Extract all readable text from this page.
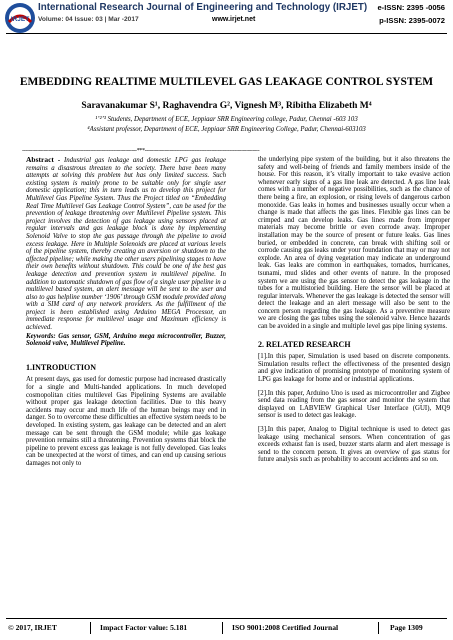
IRJET
International Research Journal of Engineering and Technology (IRJET)
Volume: 04 Issue: 03 | Mar -2017	www.irjet.net
e-ISSN: 2395 -0056
p-ISSN: 2395-0072
EMBEDDING REALTIME MULTILEVEL GAS LEAKAGE CONTROL SYSTEM
Saravanakumar S¹, Raghavendra G², Vignesh M³, Ribitha Elizabeth M⁴
¹ʼ²ʼ³ Students, Department of ECE, Jeppiaar SRR Engineering college, Padur, Chennai -603 103
⁴Assistant professor, Department of ECE, Jeppiaar SRR Engineering College, Padur, Chennai-603103
---------------------------------------------------------------------***---------------------------------------------------------------------

Abstract - Industrial gas leakage and domestic LPG gas leakage remains a disastrous threaten to the society. There have been many attempts at solving this problem but has only limited success. Such existing system is mainly prone to be suitable only for single user domestic application; this in turn leads us to develop this project for Multilevel Gas Pipeline System. Thus the Project titled on “Embedding Real Time Multilevel Gas Leakage Control System”, can be used for the prevention of leakage threatening over Multilevel Pipeline system. This project involves the detection of gas leakage using sensors placed at regular intervals and gas leakage block is done by implementing Solenoid Valve to stop the gas passage through the pipeline to avoid excess leakage. Here in Multiple Solenoids are placed at various levels of the pipeline system, thereby creating an aversion or shutdown to the affected pipeline; while making the other users pipelining stages to have their own benefits without shutdown. This could be one of the best gas leakage detection and prevention system in multilevel pipeline. In addition to automatic shutdown of gas flow of a single user pipeline in a multilevel based system, an alert message will be sent to the user and also to gas helpline number ‘1906’ through GSM module provided along with a SIM card of any network providers. As the fulfillment of the project is been established using Arduino MEGA Processor, an immediate response for multilevel usage and Maximum efficiency is achieved.

Keywords: Gas sensor, GSM, Arduino mega microcontroller, Buzzer, Solenoid valve, Multilevel Pipeline.

1.INTRODUCTION

At present days, gas used for domestic purpose had increased drastically for a single and Multi-handed applications. In much developed cosmopolitan cities multilevel Gas Pipelining Systems are available without proper gas leakage detection facilities. Due to this heavy accidents may occur and much life of the human beings may end in danger. So to overcome these difficulties an effective system needs to be developed. In existing system, gas leakage can be detected and an alert message can be sent through the GSM module; while gas leakage prevention remains still a threatening. Prevention systems that block the pipeline to prevent excess gas leakage is not fully developed. Gas leaks can be unexpected at the worst of times, and can end up causing serious damages not only to

the underlying pipe system of the building, but it also threatens the safety and well-being of friends and family members inside of the house. For this reason, it’s vitally important to take evasive action whenever early signs of a gas line leak are detected. A gas line leak comes with a number of negative possibilities, such as the chance of there being a fire, an explosion, or rising levels of dangerous carbon monoxide. Gas leaks in homes and businesses usually occur when a change is made that affects the gas lines. Flexible gas lines can be crimped and can develop leaks. Gas lines made from improper materials may become brittle or even corrode away. Improper installation may be the source of present or future leaks. Gas lines buried, or embedded in concrete, can break with shifting soil or corrode causing gas leaks under your foundation that may or may not explode. An area of dying vegetation may indicate an underground leak. Gas leaks are common in earthquakes, tornados, hurricanes, tsunami, mud slides and other events of nature. In the proposed system we are using the gas sensor to detect the gas leakage in the tubes for a multistoried building. Here the sensor will be placed at regular intervals. Whenever the gas leakage is detected the sensor will detect the leakage and an alert message will also be sent to the concern person regarding the gas leakage. As a preventive measure we are closing the gas tubes using the solenoid valve. Hence hazards can be avoided in a single and multiple level gas pipe lining systems.

2. RELATED RESEARCH

[1].In this paper, Simulation is used based on discrete components. Simulation results reflect the effectiveness of the presented design and give indication of promising prototype of monitoring system of LPG gas leakage for home and or industrial applications.

[2].In this paper, Arduino Uno is used as microcontroller and Zigbee send data reading from the gas sensor and monitor the system that displayed on LABVIEW Graphical User Interface (GUI), MQ9 sensor is used to detect gas leakage.

[3].In this paper, Analog to Digital technique is used to detect gas leakage using mechanical sensors. When concentration of gas exceeds exhaust fan is used, buzzer starts alarm and alert message is send to the concern person. It gives an overview of gas status for future analysis such as probability to account accidents and so on.

© 2017, IRJET	Impact Factor value: 5.181	ISO 9001:2008 Certified Journal	Page 1309
